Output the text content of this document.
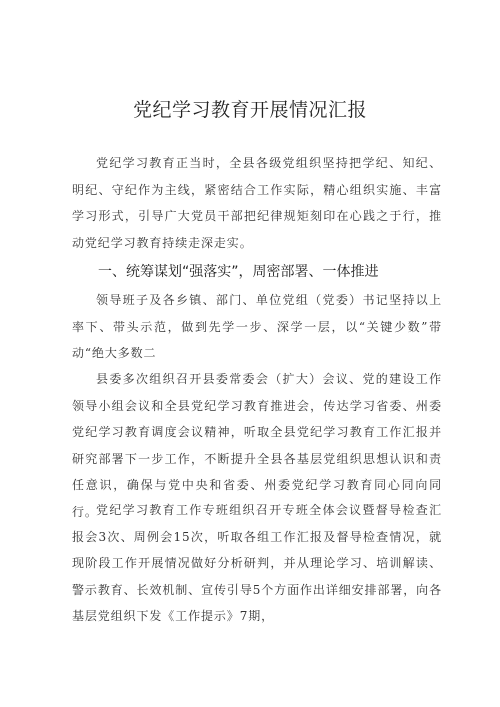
党纪学习教育开展情况汇报

党纪学习教育正当时，全县各级党组织坚持把学纪、知纪、明纪、守纪作为主线，紧密结合工作实际，精心组织实施、丰富学习形式，引导广大党员干部把纪律规矩刻印在心践之于行，推动党纪学习教育持续走深走实。

一、统筹谋划“强落实”，周密部署、一体推进

领导班子及各乡镇、部门、单位党组（党委）书记坚持以上率下、带头示范，做到先学一步、深学一层，以“关键少数”带动“绝大多数二

县委多次组织召开县委常委会（扩大）会议、党的建设工作领导小组会议和全县党纪学习教育推进会，传达学习省委、州委党纪学习教育调度会议精神，听取全县党纪学习教育工作汇报并研究部署下一步工作，不断提升全县各基层党组织思想认识和责任意识，确保与党中央和省委、州委党纪学习教育同心同向同行。

党纪学习教育工作专班组织召开专班全体会议暨督导检查汇报会3次、周例会15次，听取各组工作汇报及督导检查情况，就现阶段工作开展情况做好分析研判，并从理论学习、培训解读、警示教育、长效机制、宣传引导5个方面作出详细安排部署，向各基层党组织下发《工作提示》7期，
